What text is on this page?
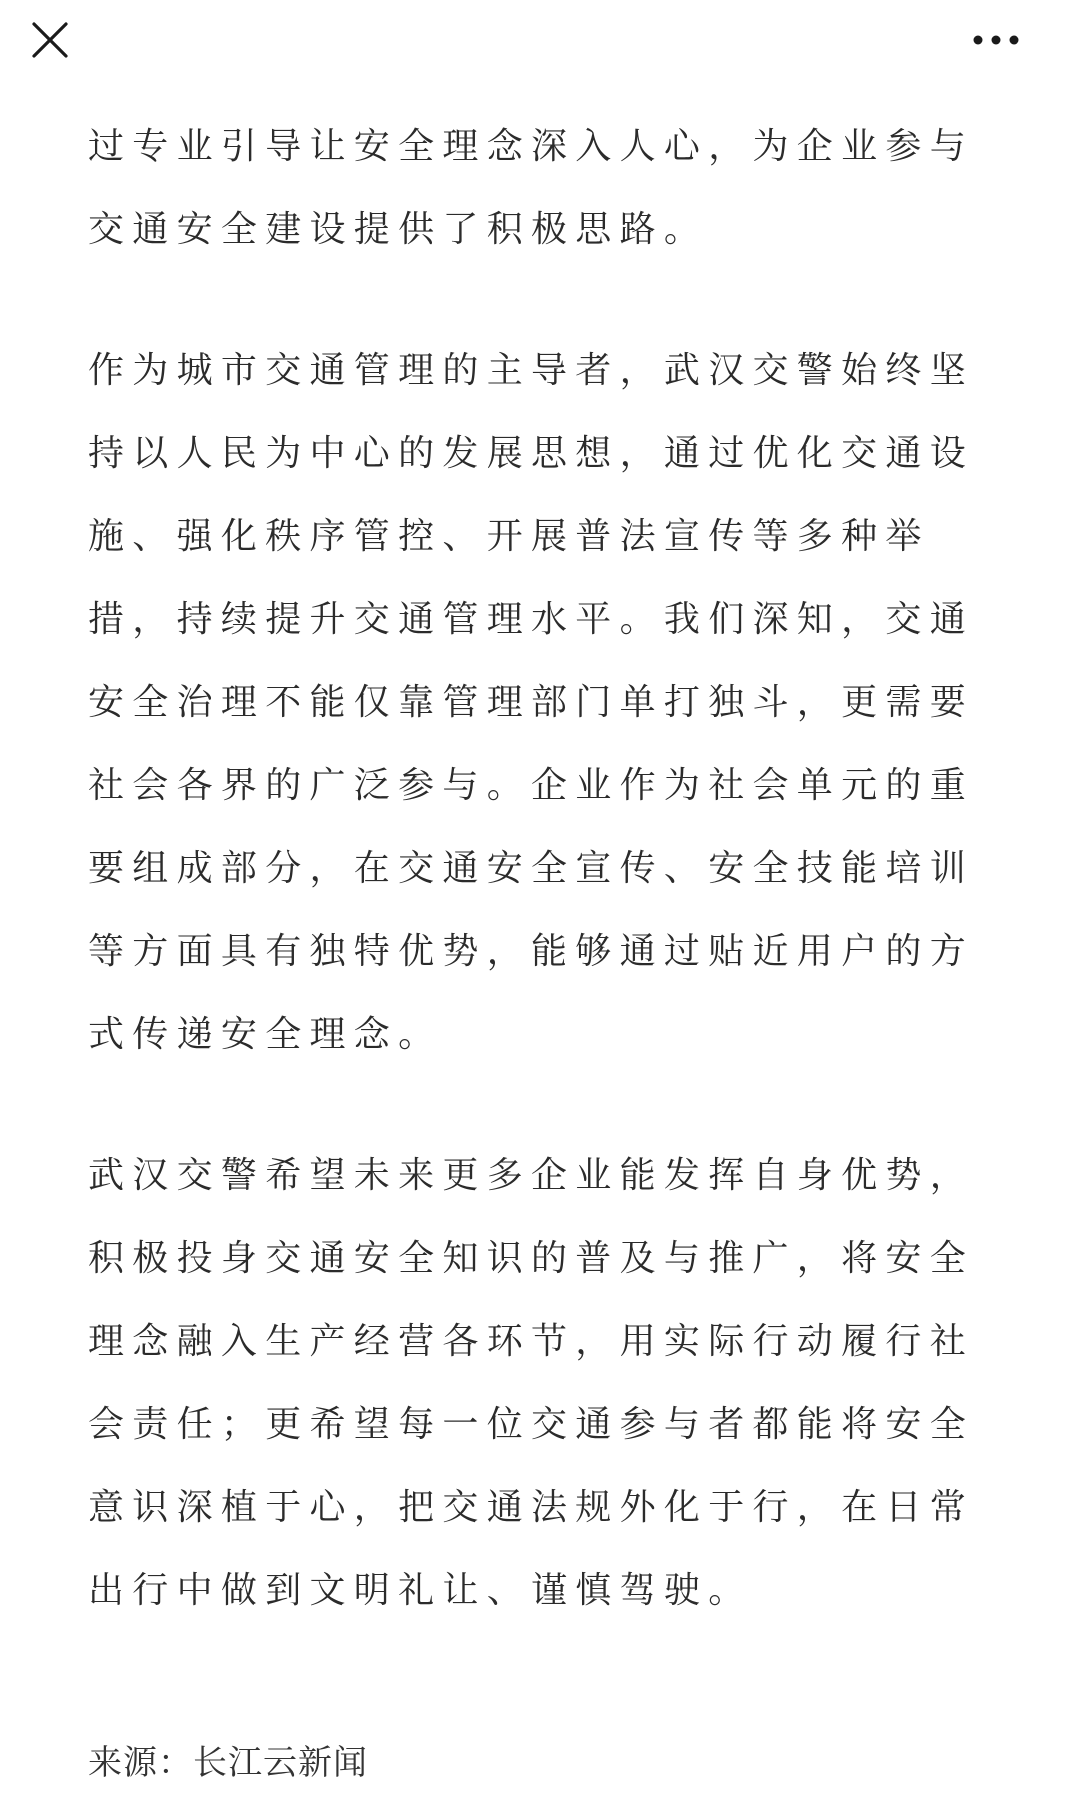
过专业引导让安全理念深入人心，为企业参与交通安全建设提供了积极思路。

作为城市交通管理的主导者，武汉交警始终坚持以人民为中心的发展思想，通过优化交通设施、强化秩序管控、开展普法宣传等多种举措，持续提升交通管理水平。我们深知，交通安全治理不能仅靠管理部门单打独斗，更需要社会各界的广泛参与。企业作为社会单元的重要组成部分，在交通安全宣传、安全技能培训等方面具有独特优势，能够通过贴近用户的方式传递安全理念。

武汉交警希望未来更多企业能发挥自身优势，积极投身交通安全知识的普及与推广，将安全理念融入生产经营各环节，用实际行动履行社会责任；更希望每一位交通参与者都能将安全意识深植于心，把交通法规外化于行，在日常出行中做到文明礼让、谨慎驾驶。

来源：长江云新闻
